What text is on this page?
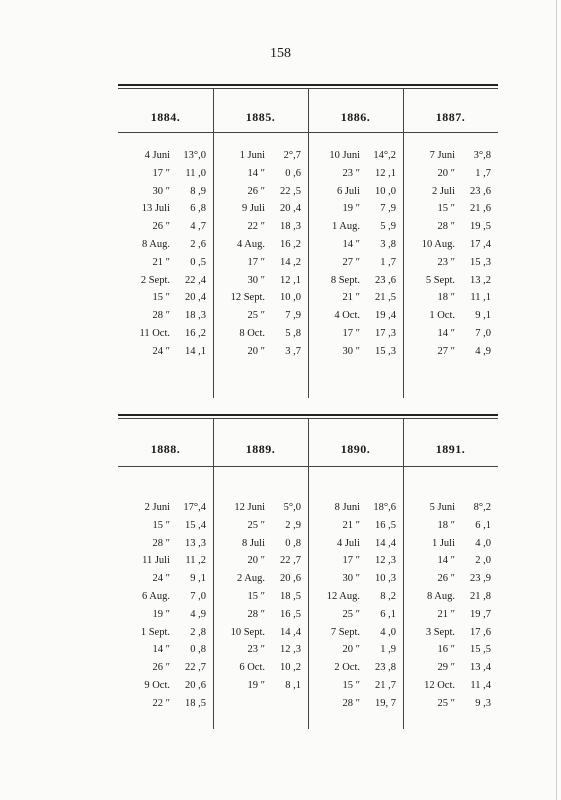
158
1884.
4 Juni	13°,0
17 ″	11 ,0
30 ″	8 ,9
13 Juli	6 ,8
26 ″	4 ,7
8 Aug.	2 ,6
21 ″	0 ,5
2 Sept.	22 ,4
15 ″	20 ,4
28 ″	18 ,3
11 Oct.	16 ,2
24 ″	14 ,1
1885.
1 Juni	2°,7
14 ″	0 ,6
26 ″	22 ,5
9 Juli	20 ,4
22 ″	18 ,3
4 Aug.	16 ,2
17 ″	14 ,2
30 ″	12 ,1
12 Sept.	10 ,0
25 ″	7 ,9
8 Oct.	5 ,8
20 ″	3 ,7
1886.
10 Juni	14°,2
23 ″	12 ,1
6 Juli	10 ,0
19 ″	7 ,9
1 Aug.	5 ,9
14 ″	3 ,8
27 ″	1 ,7
8 Sept.	23 ,6
21 ″	21 ,5
4 Oct.	19 ,4
17 ″	17 ,3
30 ″	15 ,3
1887.
7 Juni	3°,8
20 ″	1 ,7
2 Juli	23 ,6
15 ″	21 ,6
28 ″	19 ,5
10 Aug.	17 ,4
23 ″	15 ,3
5 Sept.	13 ,2
18 ″	11 ,1
1 Oct.	9 ,1
14 ″	7 ,0
27 ″	4 ,9
1888.
2 Juni	17°,4
15 ″	15 ,4
28 ″	13 ,3
11 Juli	11 ,2
24 ″	9 ,1
6 Aug.	7 ,0
19 ″	4 ,9
1 Sept.	2 ,8
14 ″	0 ,8
26 ″	22 ,7
9 Oct.	20 ,6
22 ″	18 ,5
1889.
12 Juni	5°,0
25 ″	2 ,9
8 Juli	0 ,8
20 ″	22 ,7
2 Aug.	20 ,6
15 ″	18 ,5
28 ″	16 ,5
10 Sept.	14 ,4
23 ″	12 ,3
6 Oct.	10 ,2
19 ″	8 ,1
1890.
8 Juni	18°,6
21 ″	16 ,5
4 Juli	14 ,4
17 ″	12 ,3
30 ″	10 ,3
12 Aug.	8 ,2
25 ″	6 ,1
7 Sept.	4 ,0
20 ″	1 ,9
2 Oct.	23 ,8
15 ″	21 ,7
28 ″	19, 7
1891.
5 Juni	8°,2
18 ″	6 ,1
1 Juli	4 ,0
14 ″	2 ,0
26 ″	23 ,9
8 Aug.	21 ,8
21 ″	19 ,7
3 Sept.	17 ,6
16 ″	15 ,5
29 ″	13 ,4
12 Oct.	11 ,4
25 ″	9 ,3
